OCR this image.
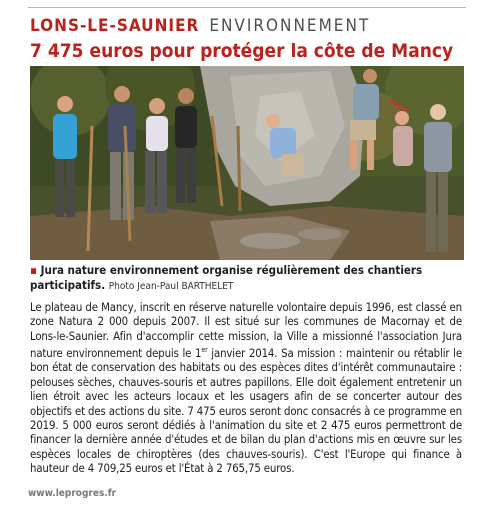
LONS-LE-SAUNIER ENVIRONNEMENT
7 475 euros pour protéger la côte de Mancy
▪ Jura nature environnement organise régulièrement des chantiers participatifs. Photo Jean-Paul BARTHELET

Le plateau de Mancy, inscrit en réserve naturelle volontaire depuis 1996, est classé en zone Natura 2 000 depuis 2007. Il est situé sur les communes de Macornay et de Lons-le-Saunier. Afin d'accomplir cette mission, la Ville a missionné l'association Jura nature environnement depuis le 1er janvier 2014. Sa mission : maintenir ou rétablir le bon état de conservation des habitats ou des espèces dites d'intérêt communautaire : pelouses sèches, chauves-souris et autres papillons. Elle doit également entretenir un lien étroit avec les acteurs locaux et les usagers afin de se concerter autour des objectifs et des actions du site. 7 475 euros seront donc consacrés à ce programme en 2019. 5 000 euros seront dédiés à l'animation du site et 2 475 euros permettront de financer la dernière année d'études et de bilan du plan d'actions mis en œuvre sur les espèces locales de chiroptères (des chauves-souris). C'est l'Europe qui finance à hauteur de 4 709,25 euros et l'État à 2 765,75 euros.

www.leprogres.fr
